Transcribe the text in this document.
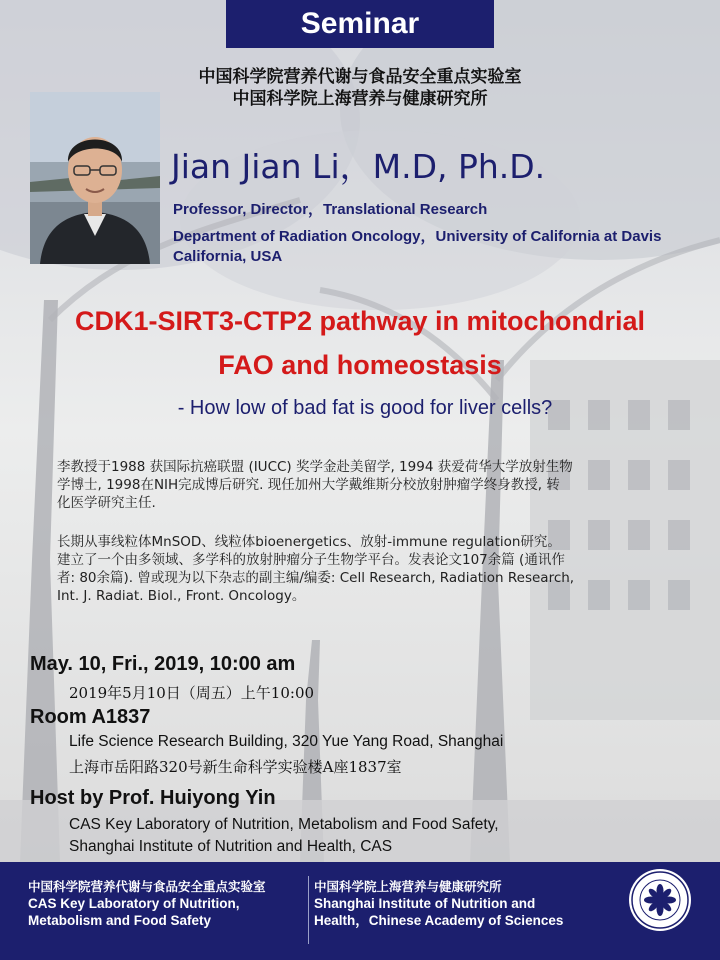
Seminar
中国科学院营养代谢与食品安全重点实验室
中国科学院上海营养与健康研究所
Jian Jian Li，M.D, Ph.D.
Professor, Director，Translational Research
Department of Radiation Oncology，University of California at Davis
California, USA
CDK1-SIRT3-CTP2 pathway in mitochondrial
FAO and homeostasis
- How low of bad fat is good for liver cells?

李教授于1988 获国际抗癌联盟 (IUCC) 奖学金赴美留学, 1994 获爱荷华大学放射生物

学博士, 1998在NIH完成博后研究. 现任加州大学戴维斯分校放射肿瘤学终身教授, 转

化医学研究主任.

长期从事线粒体MnSOD、线粒体bioenergetics、放射-immune regulation研究。

建立了一个由多领域、多学科的放射肿瘤分子生物学平台。发表论文107余篇 (通讯作

者: 80余篇). 曾或现为以下杂志的副主编/编委: Cell Research, Radiation Research,

Int. J. Radiat. Biol., Front. Oncology。

May. 10, Fri., 2019, 10:00 am
2019年5月10日（周五）上午10:00
Room A1837
Life Science Research Building, 320 Yue Yang Road, Shanghai
上海市岳阳路320号新生命科学实验楼A座1837室
Host by Prof. Huiyong Yin
CAS Key Laboratory of Nutrition, Metabolism and Food Safety,
Shanghai Institute of Nutrition and Health, CAS
中国科学院营养代谢与食品安全重点实验室
CAS Key Laboratory of Nutrition,
Metabolism and Food Safety
中国科学院上海营养与健康研究所
Shanghai Institute of Nutrition and
Health，Chinese Academy of Sciences
